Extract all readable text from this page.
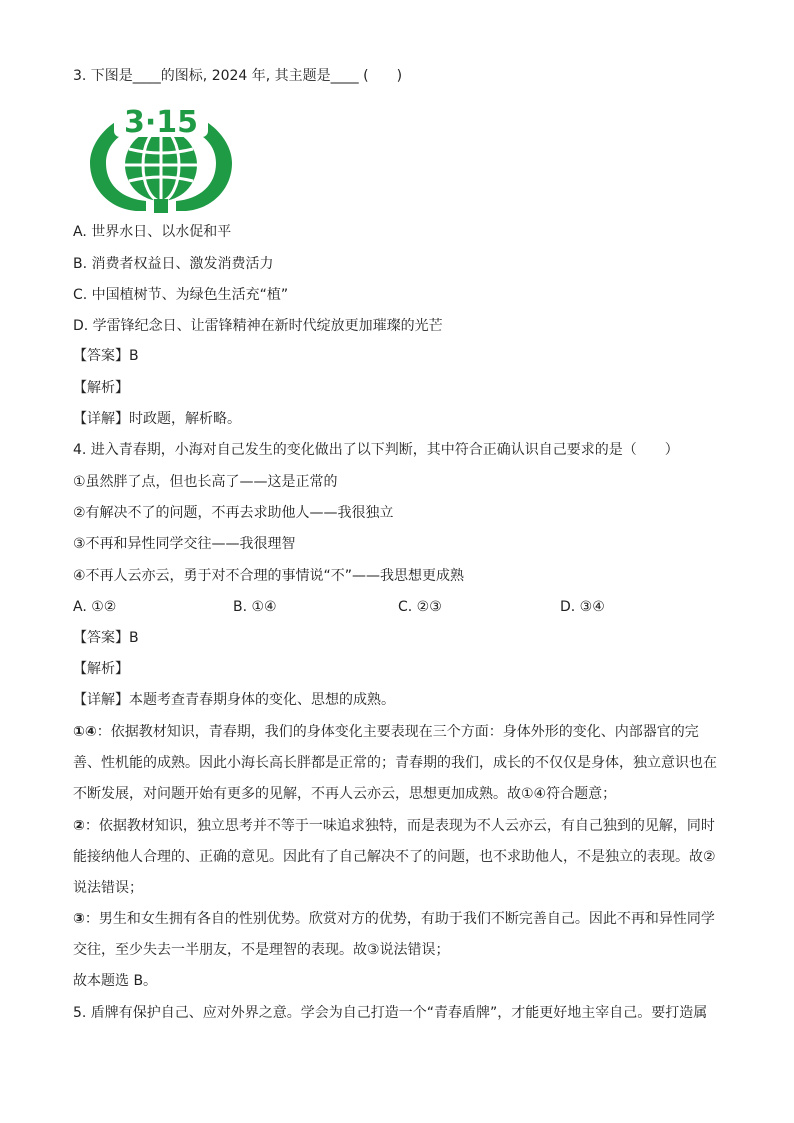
3. 下图是____的图标, 2024 年, 其主题是____ (　　)
3·15
A. 世界水日、以水促和平
B. 消费者权益日、激发消费活力
C. 中国植树节、为绿色生活充“植”
D. 学雷锋纪念日、让雷锋精神在新时代绽放更加璀璨的光芒
【答案】B
【解析】
【详解】时政题，解析略。
4. 进入青春期，小海对自己发生的变化做出了以下判断，其中符合正确认识自己要求的是（　　）
①虽然胖了点，但也长高了——这是正常的
②有解决不了的问题，不再去求助他人——我很独立
③不再和异性同学交往——我很理智
④不再人云亦云，勇于对不合理的事情说“不”——我思想更成熟
A. ①②	B. ①④	C. ②③	D. ③④
【答案】B
【解析】
【详解】本题考查青春期身体的变化、思想的成熟。
①④：依据教材知识，青春期，我们的身体变化主要表现在三个方面：身体外形的变化、内部器官的完
善、性机能的成熟。因此小海长高长胖都是正常的；青春期的我们，成长的不仅仅是身体，独立意识也在
不断发展，对问题开始有更多的见解，不再人云亦云，思想更加成熟。故①④符合题意；
②：依据教材知识，独立思考并不等于一味追求独特，而是表现为不人云亦云，有自己独到的见解，同时
能接纳他人合理的、正确的意见。因此有了自己解决不了的问题，也不求助他人，不是独立的表现。故②
说法错误；
③：男生和女生拥有各自的性别优势。欣赏对方的优势，有助于我们不断完善自己。因此不再和异性同学
交往，至少失去一半朋友，不是理智的表现。故③说法错误；
故本题选 B。
5. 盾牌有保护自己、应对外界之意。学会为自己打造一个“青春盾牌”，才能更好地主宰自己。要打造属
